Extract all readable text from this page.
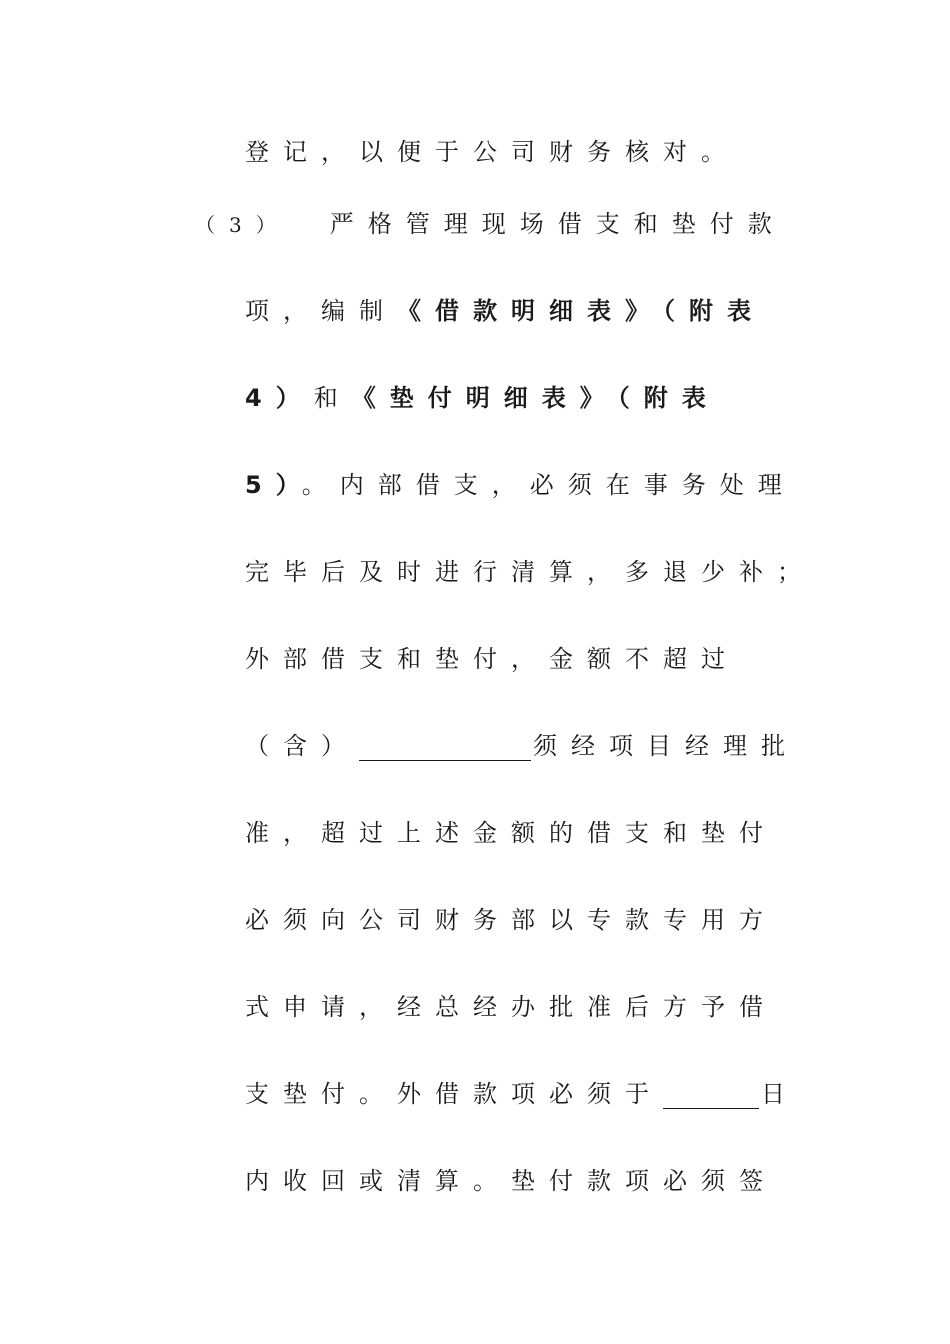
登记，以便于公司财务核对。
（3） 严格管理现场借支和垫付款
项，编制《借款明细表》（附表
4）和《垫付明细表》（附表
5）。内部借支，必须在事务处理
完毕后及时进行清算，多退少补；
外部借支和垫付，金额不超过
（含）	须经项目经理批
准，超过上述金额的借支和垫付
必须向公司财务部以专款专用方
式申请，经总经办批准后方予借
支垫付。外借款项必须于	日
内收回或清算。垫付款项必须签
